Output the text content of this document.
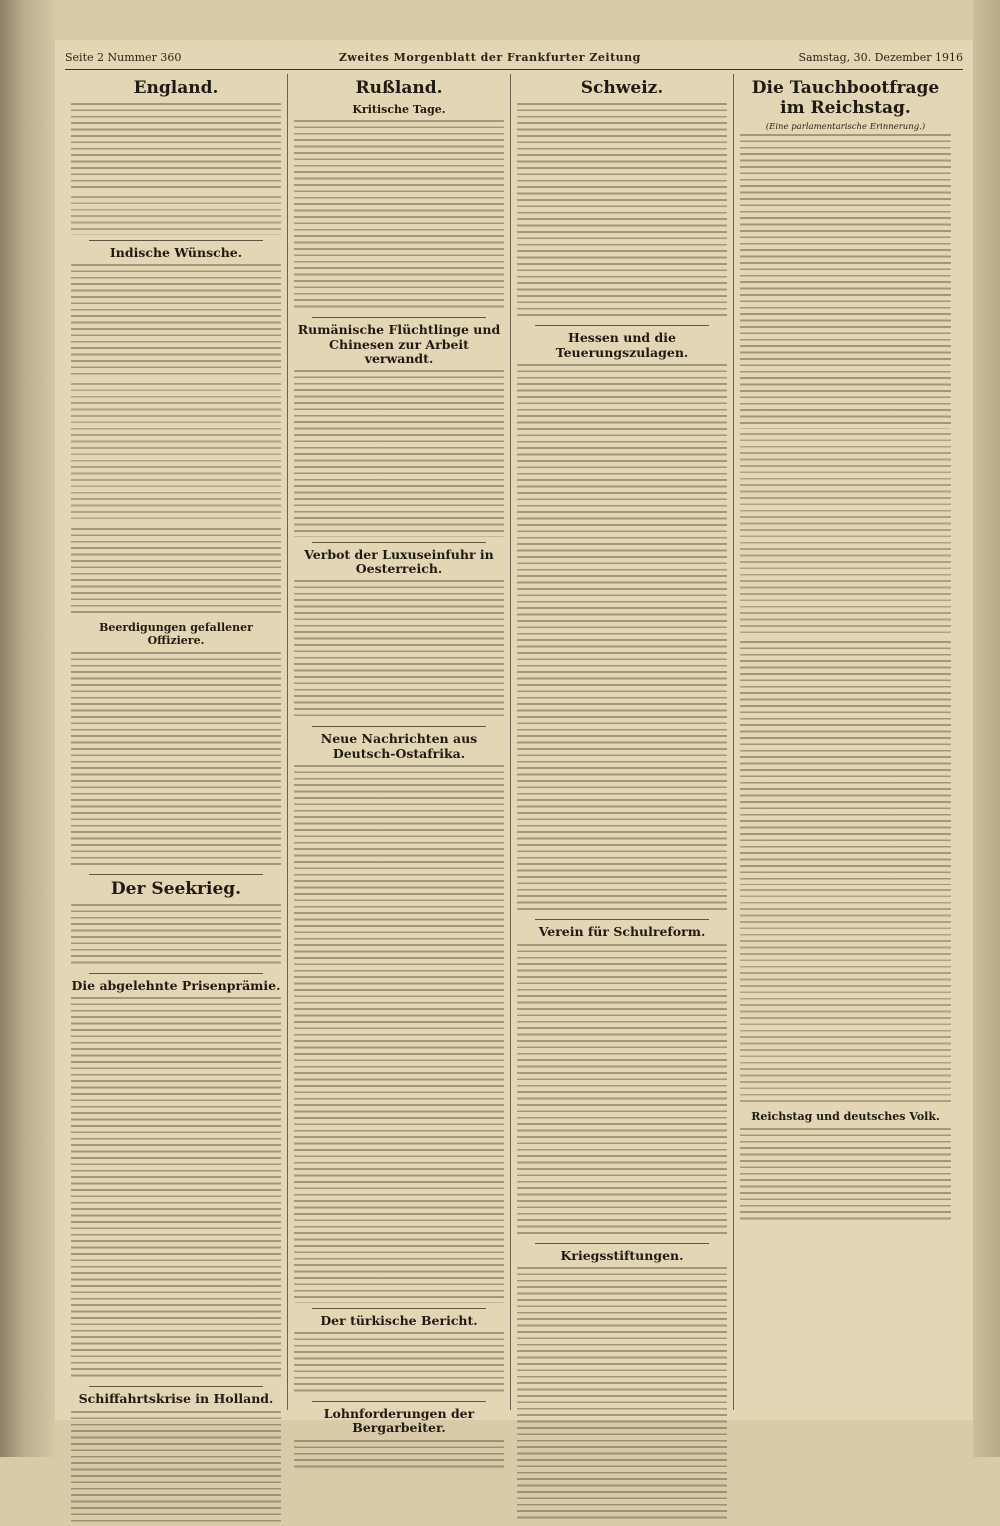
Seite 2 Nummer 360	Zweites Morgenblatt der Frankfurter Zeitung	Samstag, 30. Dezember 1916
England.
Indische Wünsche.
Beerdigungen gefallener Offiziere.
Der Seekrieg.
Die abgelehnte Prisenprämie.
Schiffahrtskrise in Holland.
Rußland.
Kritische Tage.
Rumänische Flüchtlinge und Chinesen zur Arbeit verwandt.
Verbot der Luxuseinfuhr in Oesterreich.
Neue Nachrichten aus Deutsch-Ostafrika.
Der türkische Bericht.
Lohnforderungen der Bergarbeiter.
Schweiz.
Hessen und die Teuerungszulagen.
Verein für Schulreform.
Kriegsstiftungen.
Die Tauchbootfrage im Reichstag.
(Eine parlamentarische Erinnerung.)
Reichstag und deutsches Volk.
